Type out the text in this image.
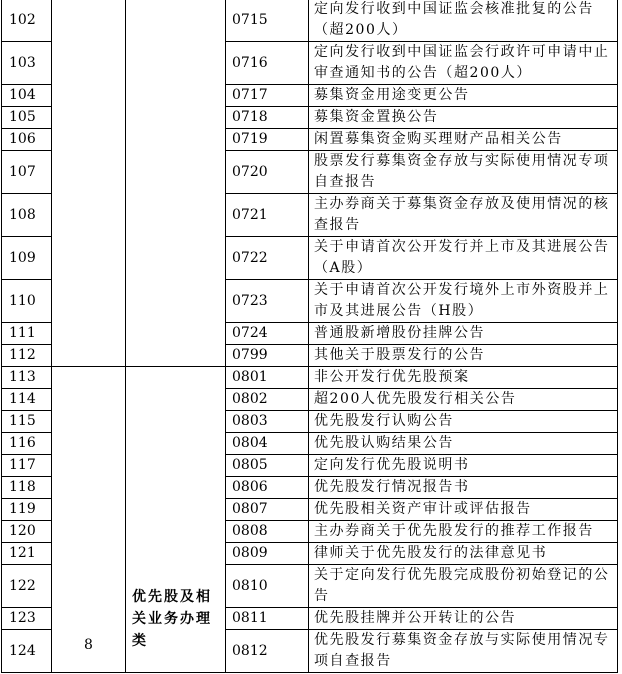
102			0715	定向发行收到中国证监会核准批复的公告（超200人）
103			0716	定向发行收到中国证监会行政许可申请中止审查通知书的公告（超200人）
104			0717	募集资金用途变更公告
105			0718	募集资金置换公告
106			0719	闲置募集资金购买理财产品相关公告
107			0720	股票发行募集资金存放与实际使用情况专项自查报告
108			0721	主办券商关于募集资金存放及使用情况的核查报告
109			0722	关于申请首次公开发行并上市及其进展公告（A股）
110			0723	关于申请首次公开发行境外上市外资股并上市及其进展公告（H股）
111			0724	普通股新增股份挂牌公告
112			0799	其他关于股票发行的公告
113	8	优先股及相关业务办理类	0801	非公开发行优先股预案
114			0802	超200人优先股发行相关公告
115			0803	优先股发行认购公告
116			0804	优先股认购结果公告
117			0805	定向发行优先股说明书
118			0806	优先股发行情况报告书
119			0807	优先股相关资产审计或评估报告
120			0808	主办券商关于优先股发行的推荐工作报告
121			0809	律师关于优先股发行的法律意见书
122			0810	关于定向发行优先股完成股份初始登记的公告
123			0811	优先股挂牌并公开转让的公告
124			0812	优先股发行募集资金存放与实际使用情况专项自查报告
